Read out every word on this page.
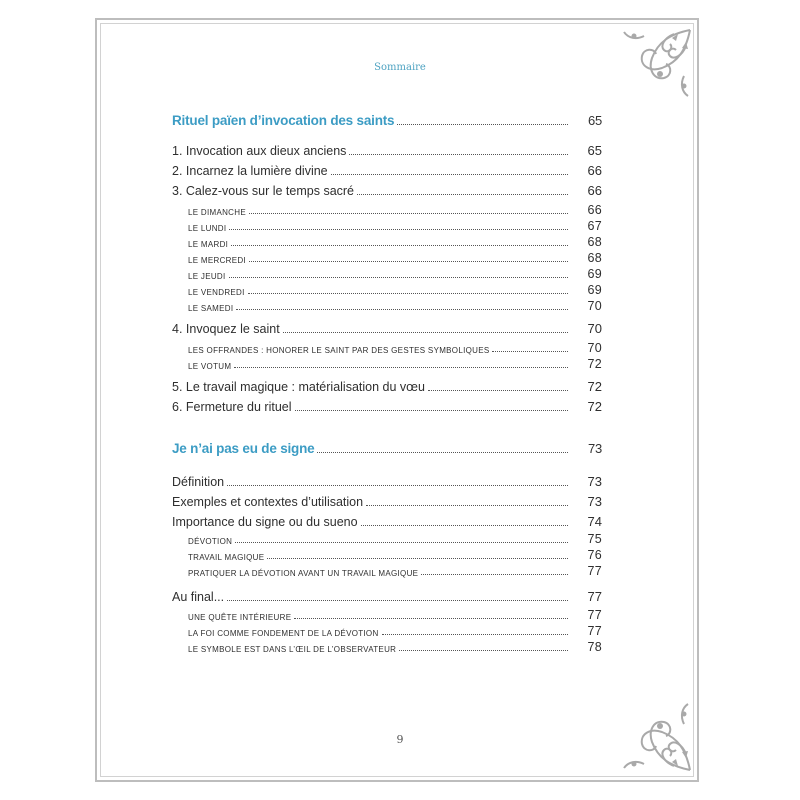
Sommaire
Rituel païen d’invocation des saints	65
1. Invocation aux dieux anciens	65
2. Incarnez la lumière divine	66
3. Calez-vous sur le temps sacré	66
LE DIMANCHE	66
LE LUNDI	67
LE MARDI	68
LE MERCREDI	68
LE JEUDI	69
LE VENDREDI	69
LE SAMEDI	70
4. Invoquez le saint	70
LES OFFRANDES : HONORER LE SAINT PAR DES GESTES SYMBOLIQUES	70
LE VOTUM	72
5. Le travail magique : matérialisation du vœu	72
6. Fermeture du rituel	72
Je n’ai pas eu de signe	73
Définition	73
Exemples et contextes d’utilisation	73
Importance du signe ou du sueno	74
DÉVOTION	75
TRAVAIL MAGIQUE	76
PRATIQUER LA DÉVOTION AVANT UN TRAVAIL MAGIQUE	77
Au final...	77
UNE QUÊTE INTÉRIEURE	77
LA FOI COMME FONDEMENT DE LA DÉVOTION	77
LE SYMBOLE EST DANS L’ŒIL DE L’OBSERVATEUR	78
9
